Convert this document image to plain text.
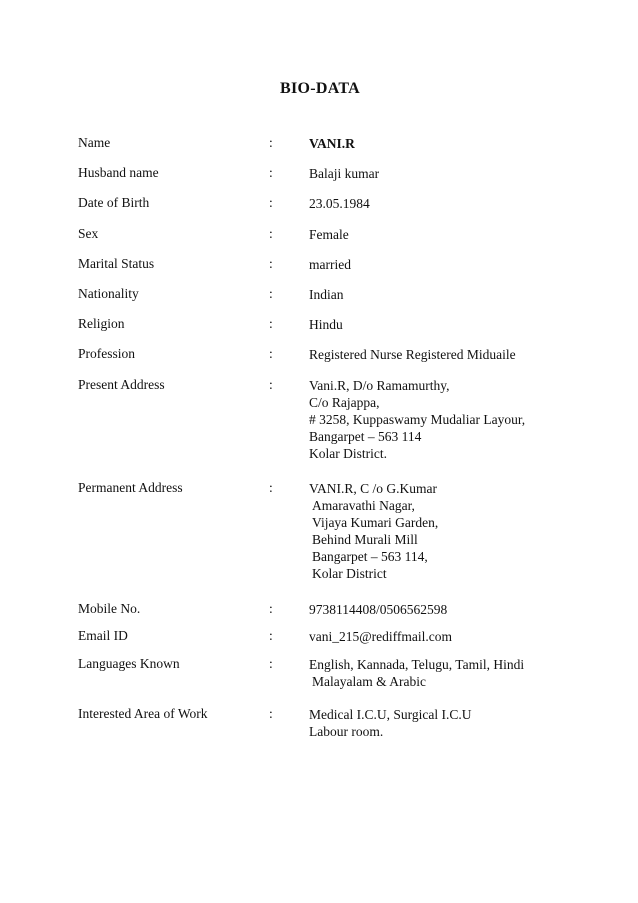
BIO-DATA
Name	:	VANI.R
Husband name	:	Balaji kumar
Date of Birth	:	23.05.1984
Sex	:	Female
Marital Status	:	married
Nationality	:	Indian
Religion	:	Hindu
Profession	:	Registered Nurse Registered Miduaile
Present Address	:	Vani.R, D/o Ramamurthy,
C/o Rajappa,
# 3258, Kuppaswamy Mudaliar Layour,
Bangarpet – 563 114
Kolar District.
Permanent Address	:	VANI.R, C /o G.Kumar
Amaravathi Nagar,
Vijaya Kumari Garden,
Behind Murali Mill
Bangarpet – 563 114,
Kolar District
Mobile No.	:	9738114408/0506562598
Email ID	:	vani_215@rediffmail.com
Languages Known	:	English, Kannada, Telugu, Tamil, Hindi
Malayalam & Arabic
Interested Area of Work	:	Medical I.C.U, Surgical I.C.U
Labour room.
